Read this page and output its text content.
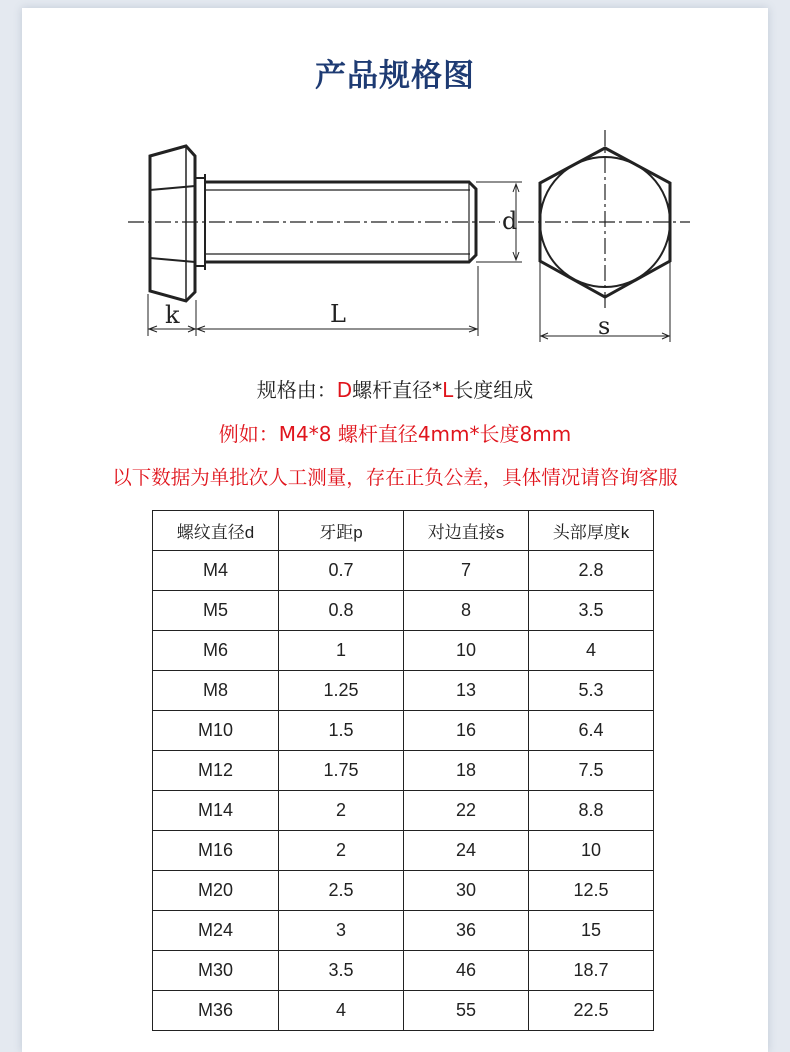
产品规格图
k	L
d
s
规格由：D螺杆直径*L长度组成
例如：M4*8 螺杆直径4mm*长度8mm
以下数据为单批次人工测量，存在正负公差，具体情况请咨询客服
螺纹直径d	牙距p	对边直接s	头部厚度k
M4	0.7	7	2.8
M5	0.8	8	3.5
M6	1	10	4
M8	1.25	13	5.3
M10	1.5	16	6.4
M12	1.75	18	7.5
M14	2	22	8.8
M16	2	24	10
M20	2.5	30	12.5
M24	3	36	15
M30	3.5	46	18.7
M36	4	55	22.5
